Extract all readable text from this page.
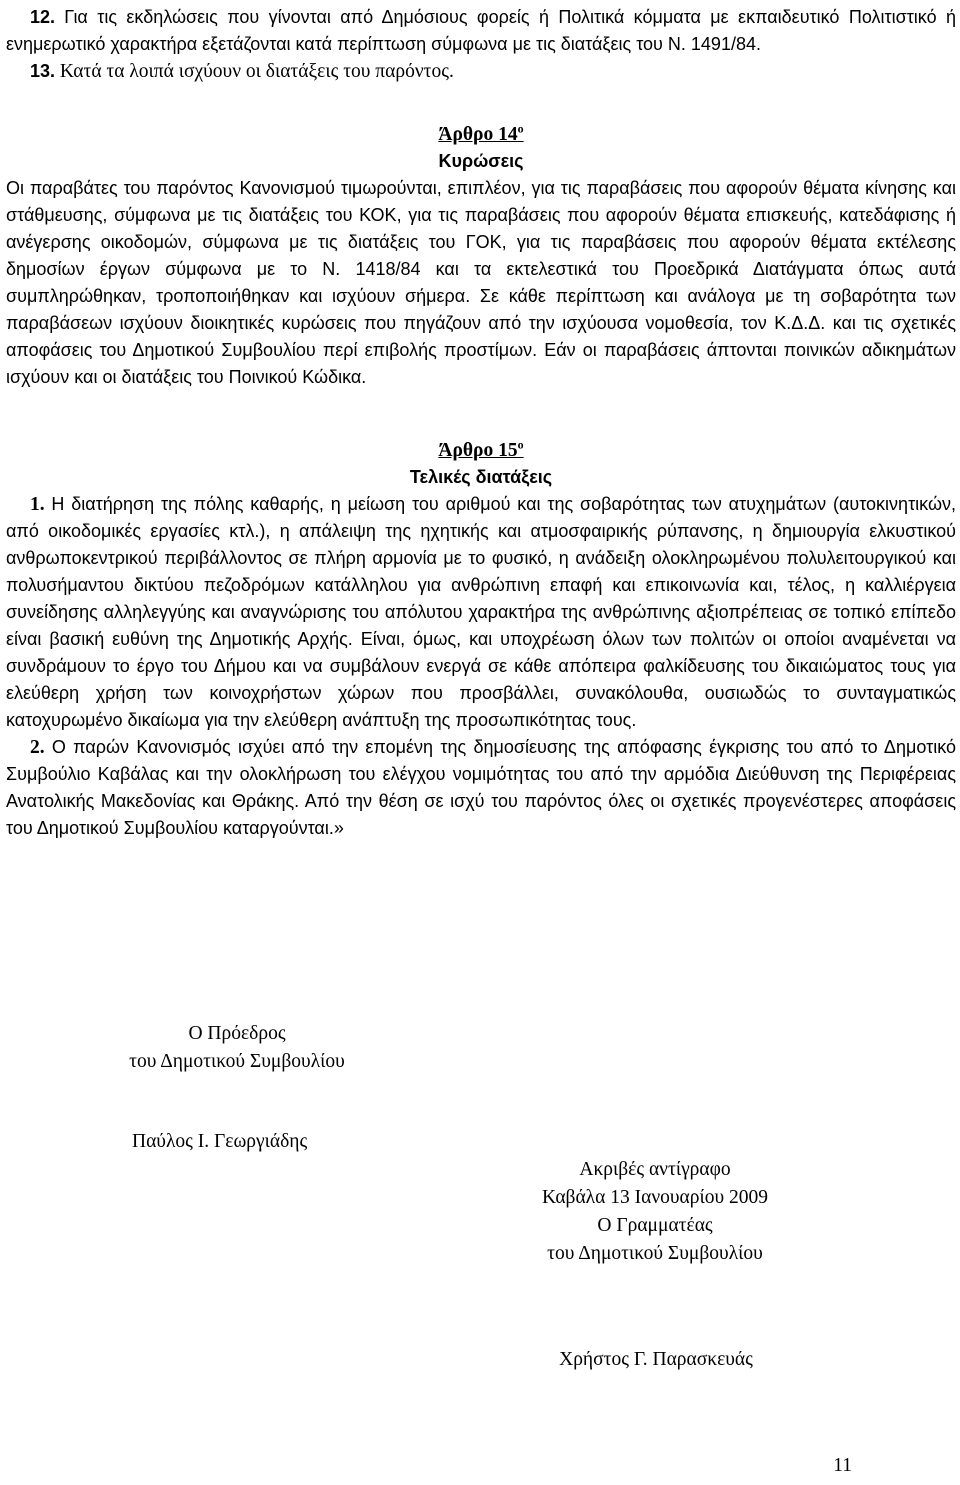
12. Για τις εκδηλώσεις που γίνονται από Δημόσιους φορείς ή Πολιτικά κόμματα με εκπαιδευτικό Πολιτιστικό ή ενημερωτικό χαρακτήρα εξετάζονται κατά περίπτωση σύμφωνα με τις διατάξεις του Ν. 1491/84.

13. Κατά τα λοιπά ισχύουν οι διατάξεις του παρόντος.

Άρθρο $14^o$

Κυρώσεις

Οι παραβάτες του παρόντος Κανονισμού τιμωρούνται, επιπλέον, για τις παραβάσεις που αφορούν θέματα κίνησης και στάθμευσης, σύμφωνα με τις διατάξεις του ΚΟΚ, για τις παραβάσεις που αφορούν θέματα επισκευής, κατεδάφισης ή ανέγερσης οικοδομών, σύμφωνα με τις διατάξεις του ΓΟΚ, για τις παραβάσεις που αφορούν θέματα εκτέλεσης δημοσίων έργων σύμφωνα με το Ν. 1418/84 και τα εκτελεστικά του Προεδρικά Διατάγματα όπως αυτά συμπληρώθηκαν, τροποποιήθηκαν και ισχύουν σήμερα. Σε κάθε περίπτωση και ανάλογα με τη σοβαρότητα των παραβάσεων ισχύουν διοικητικές κυρώσεις που πηγάζουν από την ισχύουσα νομοθεσία, τον Κ.Δ.Δ. και τις σχετικές αποφάσεις του Δημοτικού Συμβουλίου περί επιβολής προστίμων. Εάν οι παραβάσεις άπτονται ποινικών αδικημάτων ισχύουν και οι διατάξεις του Ποινικού Κώδικα.

Άρθρο $15^o$

Τελικές διατάξεις

1. Η διατήρηση της πόλης καθαρής, η μείωση του αριθμού και της σοβαρότητας των ατυχημάτων (αυτοκινητικών, από οικοδομικές εργασίες κτλ.), η απάλειψη της ηχητικής και ατμοσφαιρικής ρύπανσης, η δημιουργία ελκυστικού ανθρωποκεντρικού περιβάλλοντος σε πλήρη αρμονία με το φυσικό, η ανάδειξη ολοκληρωμένου πολυλειτουργικού και πολυσήμαντου δικτύου πεζοδρόμων κατάλληλου για ανθρώπινη επαφή και επικοινωνία και, τέλος, η καλλιέργεια συνείδησης αλληλεγγύης και αναγνώρισης του απόλυτου χαρακτήρα της ανθρώπινης αξιοπρέπειας σε τοπικό επίπεδο είναι βασική ευθύνη της Δημοτικής Αρχής. Είναι, όμως, και υποχρέωση όλων των πολιτών οι οποίοι αναμένεται να συνδράμουν το έργο του Δήμου και να συμβάλουν ενεργά σε κάθε απόπειρα φαλκίδευσης του δικαιώματος τους για ελεύθερη χρήση των κοινοχρήστων χώρων που προσβάλλει, συνακόλουθα, ουσιωδώς το συνταγματικώς κατοχυρωμένο δικαίωμα για την ελεύθερη ανάπτυξη της προσωπικότητας τους.

2. Ο παρών Κανονισμός ισχύει από την επομένη της δημοσίευσης της απόφασης έγκρισης του από το Δημοτικό Συμβούλιο Καβάλας και την ολοκλήρωση του ελέγχου νομιμότητας του από την αρμόδια Διεύθυνση της Περιφέρειας Ανατολικής Μακεδονίας και Θράκης. Από την θέση σε ισχύ του παρόντος όλες οι σχετικές προγενέστερες αποφάσεις του Δημοτικού Συμβουλίου καταργούνται.»

Ο Πρόεδρος
του Δημοτικού Συμβουλίου
Παύλος Ι. Γεωργιάδης
Ακριβές αντίγραφο
Καβάλα 13 Ιανουαρίου 2009
Ο Γραμματέας
του Δημοτικού Συμβουλίου
Χρήστος Γ. Παρασκευάς
11
